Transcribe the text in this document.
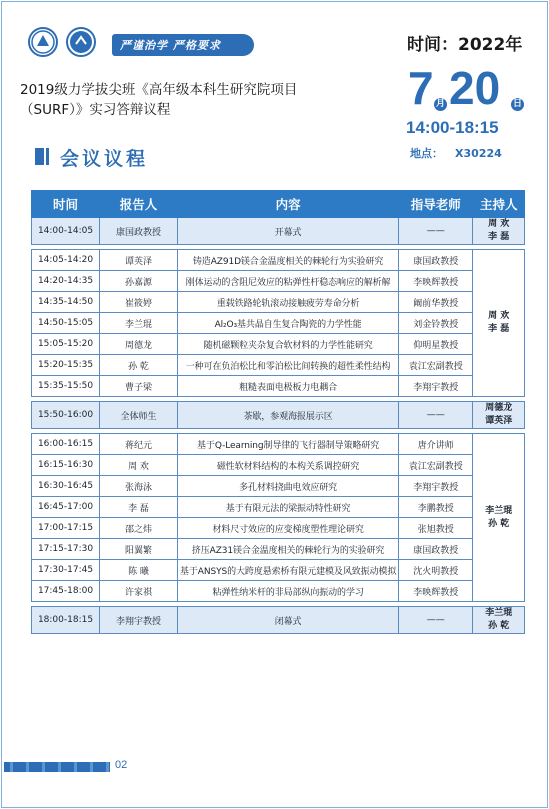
严谨治学 严格要求	时间：2022年
2019级力学拔尖班《高年级本科生研究院项目
（SURF）》实习答辩议程	7 月 20 日
14:00-18:15
地点： X30224
会议议程
时间	报告人	内容	指导老师	主持人
14:00-14:05	康国政教授	开幕式	——	周 欢
李 磊

14:05-14:20	谭英泽	铸造AZ91D镁合金温度相关的棘轮行为实验研究	康国政教授	周 欢
李 磊
14:20-14:35	孙嘉源	刚体运动的含阻尼效应的粘弹性杆稳态响应的解析解	李映辉教授	
14:35-14:50	崔筱婷	重载铁路轮轨滚动接触疲劳寿命分析	阚前华教授	
14:50-15:05	李兰琨	Al₂O₃基共晶自生复合陶瓷的力学性能	刘金铃教授	
15:05-15:20	周德龙	随机磁颗粒夹杂复合软材料的力学性能研究	仰明星教授	
15:20-15:35	孙 乾	一种可在负泊松比和零泊松比间转换的超性柔性结构	袁江宏副教授	
15:35-15:50	曹子梁	粗糙表面电极板力电耦合	李翔宇教授	

15:50-16:00	全体师生	茶歇，参观海报展示区	——	周德龙
谭英泽

16:00-16:15	蒋纪元	基于Q-Learning制导律的飞行器制导策略研究	唐介讲师	李兰琨
孙 乾
16:15-16:30	周 欢	磁性软材料结构的本构关系调控研究	袁江宏副教授	
16:30-16:45	张海泳	多孔材料挠曲电效应研究	李翔宇教授	
16:45-17:00	李 磊	基于有限元法的梁振动特性研究	李鹏教授	
17:00-17:15	邵之炜	材料尺寸效应的应变梯度塑性理论研究	张旭教授	
17:15-17:30	阳翼繁	挤压AZ31镁合金温度相关的棘轮行为的实验研究	康国政教授	
17:30-17:45	陈 曦	基于ANSYS的大跨度悬索桥有限元建模及风致振动模拟	沈火明教授	
17:45-18:00	许家祺	粘弹性纳米杆的非局部纵向振动的学习	李映辉教授	

18:00-18:15	李翔宇教授	闭幕式	——	李兰琨
孙 乾
02
